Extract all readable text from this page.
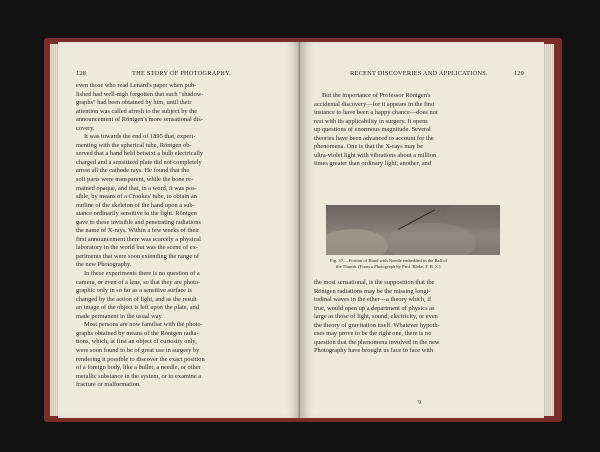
128	THE STORY OF PHOTOGRAPHY.
even those who read Lenard's paper when pub-
lished had well-nigh forgotten that such "shadow-
graphs" had been obtained by him, until their
attention was called afresh to the subject by the
announcement of Röntgen's more sensational dis-
covery.
It was towards the end of 1895 that, experi-
menting with the spherical tube, Röntgen ob-
served that a hand held betwixt a bulb electrically
charged and a sensitized plate did not completely
arrest all the cathode rays. He found that the
soft parts were transparent, while the bone re-
mained opaque, and that, in a word, it was pos-
sible, by means of a Crookes' tube, to obtain an
outline of the skeleton of the hand upon a sub-
stance ordinarily sensitive to the light. Röntgen
gave to these invisible and penetrating radiations
the name of X-rays. Within a few weeks of their
first announcement there was scarcely a physical
laboratory in the world but was the scene of ex-
periments that were soon extending the range of
the new Photography.
In these experiments there is no question of a
camera, or even of a lens, so that they are photo-
graphic only in so far as a sensitive surface is
changed by the action of light, and as the result
an image of the object is left upon the plate, and
made permanent in the usual way.
Most persons are now familiar with the photo-
graphs obtained by means of the Röntgen radia-
tions, which, at first an object of curiosity only,
were soon found to be of great use in surgery by
rendering it possible to discover the exact position
of a foreign body, like a bullet, a needle, or other
metallic substance in the system, or to examine a
fracture or malformation.
RECENT DISCOVERIES AND APPLICATIONS.	129
But the importance of Professor Röntgen's
accidental discovery—for it appears in the first
instance to have been a happy chance—does not
rest with its applicability in surgery. It opens
up questions of enormous magnitude. Several
theories have been advanced to account for the
phenomena. One is that the X-rays may be
ultra-violet light with vibrations about a million
times greater than ordinary light; another, and
Fig. 37.—Portion of Hand with Needle embedded in the Ball of
the Thumb. (From a Photograph by Prof. Blake, F. R. S.)
the most sensational, is the supposition that the
Röntgen radiations may be the missing longi-
tudinal waves in the ether—a theory which, if
true, would open up a department of physics as
large as those of light, sound, electricity, or even
the theory of gravitation itself. Whatever hypoth-
eses may prove to be the right one, there is no
question that the phenomena involved in the new
Photography have brought us face to face with
9
